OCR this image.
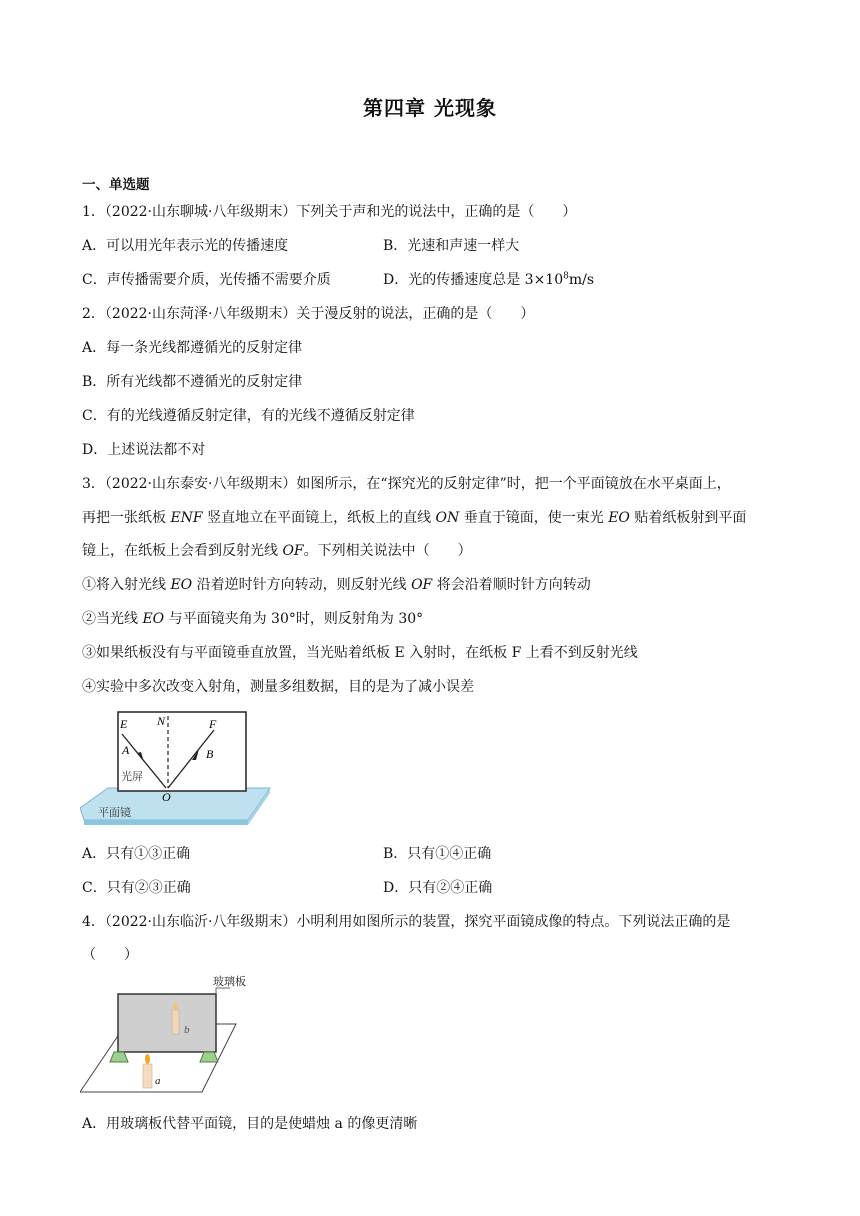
第四章 光现象
一、单选题
1．（2022·山东聊城·八年级期末）下列关于声和光的说法中，正确的是（　　）
A．可以用光年表示光的传播速度	B．光速和声速一样大
C．声传播需要介质，光传播不需要介质	D．光的传播速度总是 $3\times 10^8m/s$
2．（2022·山东菏泽·八年级期末）关于漫反射的说法，正确的是（　　）
A．每一条光线都遵循光的反射定律
B．所有光线都不遵循光的反射定律
C．有的光线遵循反射定律，有的光线不遵循反射定律
D．上述说法都不对
3．（2022·山东泰安·八年级期末）如图所示，在“探究光的反射定律”时，把一个平面镜放在水平桌面上，
再把一张纸板 ENF 竖直地立在平面镜上，纸板上的直线 ON 垂直于镜面，使一束光 EO 贴着纸板射到平面
镜上，在纸板上会看到反射光线 OF。下列相关说法中（　　）
①将入射光线 EO 沿着逆时针方向转动，则反射光线 OF 将会沿着顺时针方向转动
②当光线 EO 与平面镜夹角为 30°时，则反射角为 30°
③如果纸板没有与平面镜垂直放置，当光贴着纸板 E 入射时，在纸板 F 上看不到反射光线
④实验中多次改变入射角，测量多组数据，目的是为了减小误差
E N	F
A	B
O
光屏
平面镜
A．只有①③正确	B．只有①④正确
C．只有②③正确	D．只有②④正确
4．（2022·山东临沂·八年级期末）小明利用如图所示的装置，探究平面镜成像的特点。下列说法正确的是
（　　）
b
a
玻璃板
A．用玻璃板代替平面镜，目的是使蜡烛 a 的像更清晰
